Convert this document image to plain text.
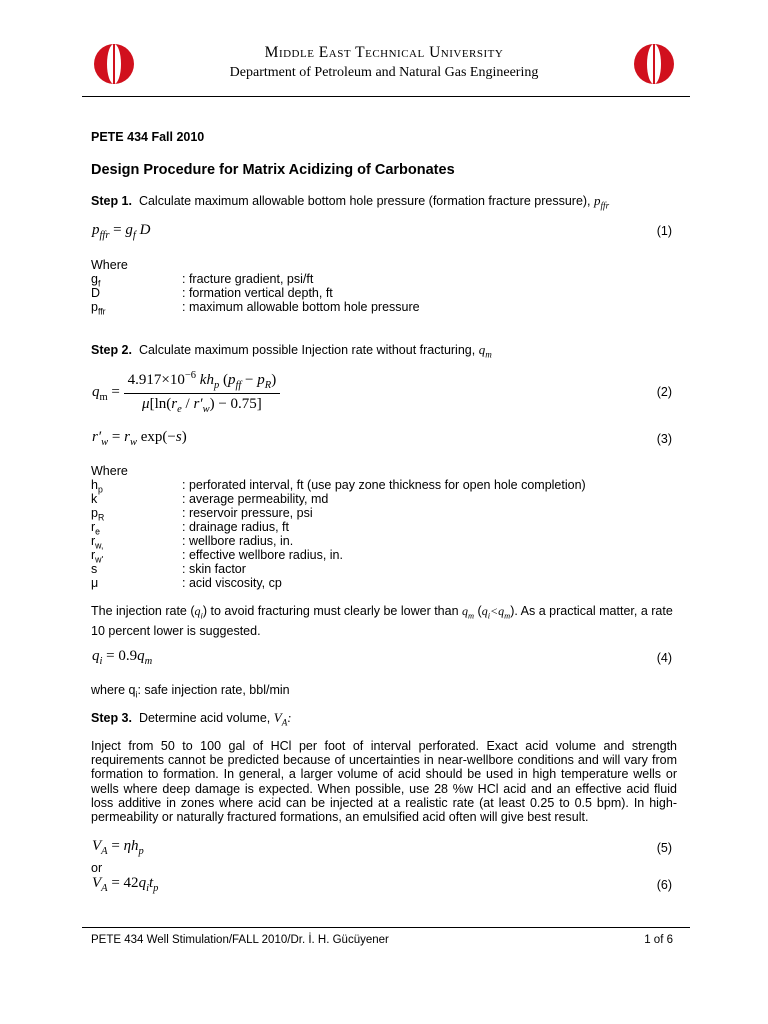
Middle East Technical University
Department of Petroleum and Natural Gas Engineering
PETE 434 Fall 2010
Design Procedure for Matrix Acidizing of Carbonates
Step 1. Calculate maximum allowable bottom hole pressure (formation fracture pressure), $p_{ffr}$
$p_{ffr} = g_f$ D	(1)
Where
$g_f$	: fracture gradient, psi/ft
D	: formation vertical depth, ft
$p_{ffr}$	: maximum allowable bottom hole pressure
Step 2. Calculate maximum possible Injection rate without fracturing, $q_m$
$q_m = \frac{4.917\times 10^{-6} kh_p (p_{ff} - p_R)}{\mu[\ln(r_e / r'_w) - 0.75]}$	(2)
$r'_w = r_w$ exp(−s)	(3)
Where
$h_p$	: perforated interval, ft (use pay zone thickness for open hole completion)
k	: average permeability, md
$p_R$	: reservoir pressure, psi
$r_e$	: drainage radius, ft
$r_{w,}$	: wellbore radius, in.
$r_{w'}$	: effective wellbore radius, in.
s	: skin factor
μ	: acid viscosity, cp
The injection rate $(q_i)$ to avoid fracturing must clearly be lower than $q_m$ $(q_i<q_m)$. As a practical matter, a rate 10 percent lower is suggested.
$q_i = 0.9q_m$	(4)
where $q_i$: safe injection rate, bbl/min
Step 3. Determine acid volume, $V_A$:
Inject from 50 to 100 gal of HCl per foot of interval perforated. Exact acid volume and strength requirements cannot be predicted because of uncertainties in near-wellbore conditions and will vary from formation to formation. In general, a larger volume of acid should be used in high temperature wells or wells where deep damage is expected. When possible, use 28 %w HCl acid and an effective acid fluid loss additive in zones where acid can be injected at a realistic rate (at least 0.25 to 0.5 bpm). In high-permeability or naturally fractured formations, an emulsified acid often will give best result.
$V_A = \eta h_p$	(5)
or
$V_A = 42q_it_p$	(6)
PETE 434 Well Stimulation/FALL 2010/Dr. İ. H. Gücüyener	1 of 6
